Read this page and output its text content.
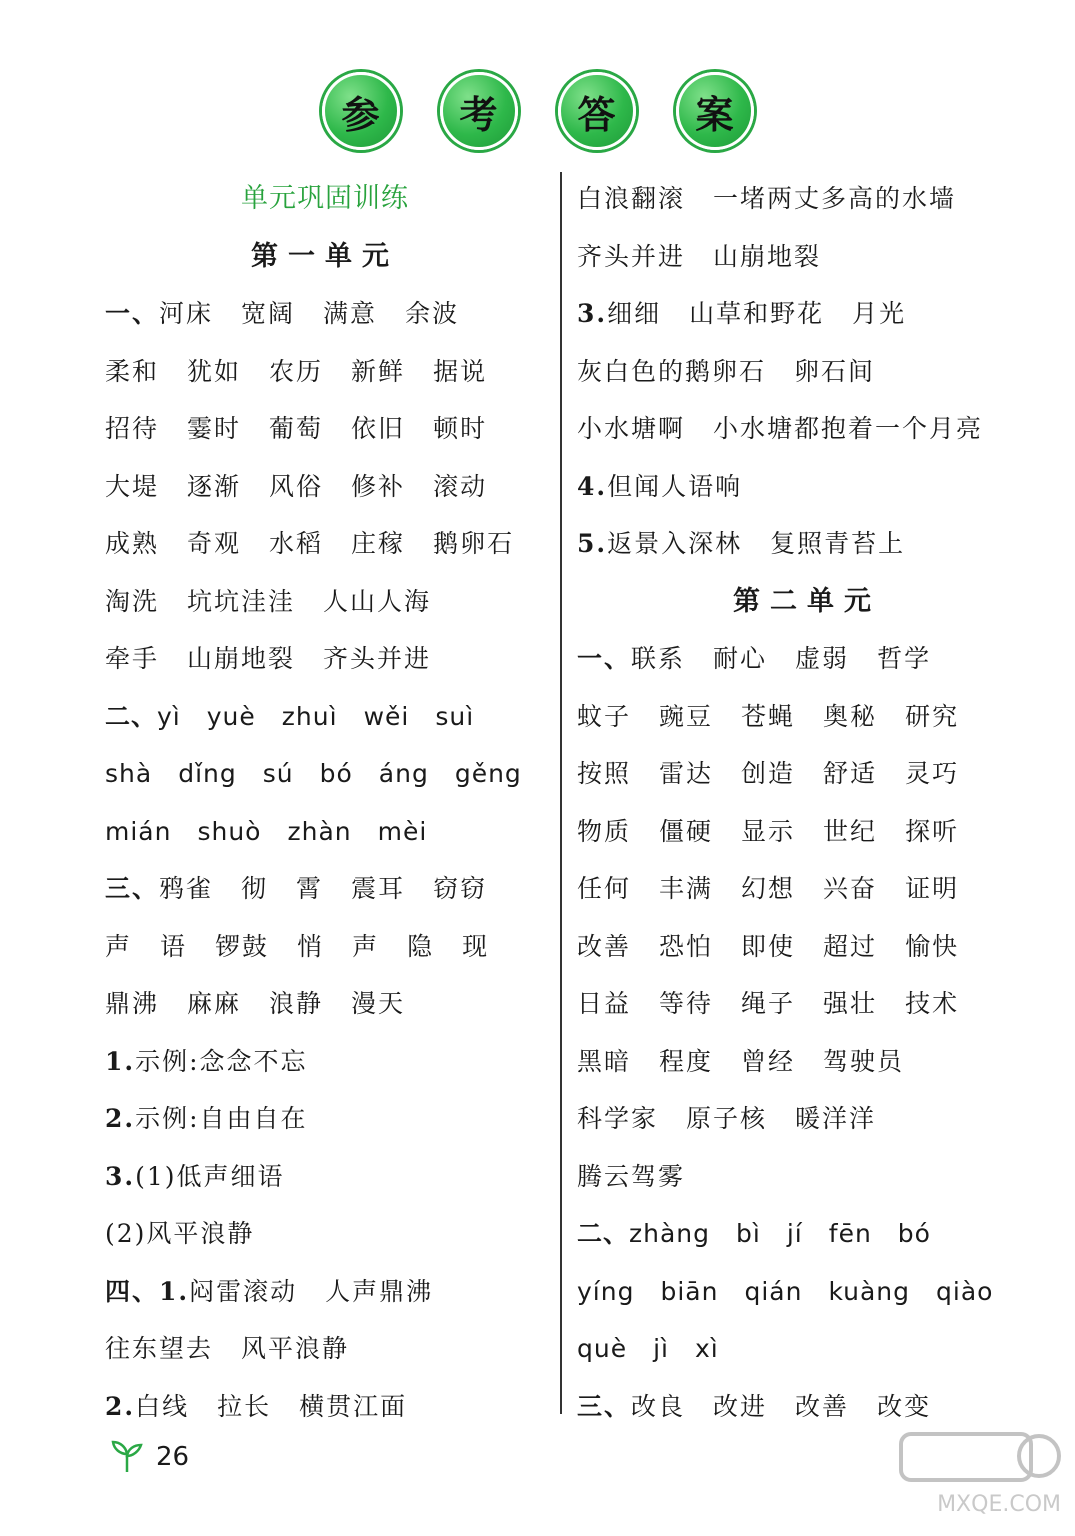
参	考	答	案
单元巩固训练
第一单元
一、河床 宽阔 满意 余波
柔和 犹如 农历 新鲜 据说
招待 霎时 葡萄 依旧 顿时
大堤 逐渐 风俗 修补 滚动
成熟 奇观 水稻 庄稼 鹅卵石
淘洗 坑坑洼洼 人山人海
牵手 山崩地裂 齐头并进
二、yì yuè zhuì wěi suì
shà dǐng sú bó áng gěng
mián shuò zhàn mèi
三、鸦雀 彻 霄 震耳 窃窃
声 语 锣鼓 悄 声 隐 现
鼎沸 麻麻 浪静 漫天
1.示例:念念不忘
2.示例:自由自在
3.(1)低声细语
(2)风平浪静
四、1.闷雷滚动 人声鼎沸
往东望去 风平浪静
2.白线 拉长 横贯江面
白浪翻滚 一堵两丈多高的水墙
齐头并进 山崩地裂
3.细细 山草和野花 月光
灰白色的鹅卵石 卵石间
小水塘啊 小水塘都抱着一个月亮
4.但闻人语响
5.返景入深林 复照青苔上
第二单元
一、联系 耐心 虚弱 哲学
蚊子 豌豆 苍蝇 奥秘 研究
按照 雷达 创造 舒适 灵巧
物质 僵硬 显示 世纪 探听
任何 丰满 幻想 兴奋 证明
改善 恐怕 即使 超过 愉快
日益 等待 绳子 强壮 技术
黑暗 程度 曾经 驾驶员
科学家 原子核 暖洋洋
腾云驾雾
二、zhàng bì jí fēn bó
yíng biān qián kuàng qiào
què jì xì
三、改良 改进 改善 改变
26
MXQE.COM
